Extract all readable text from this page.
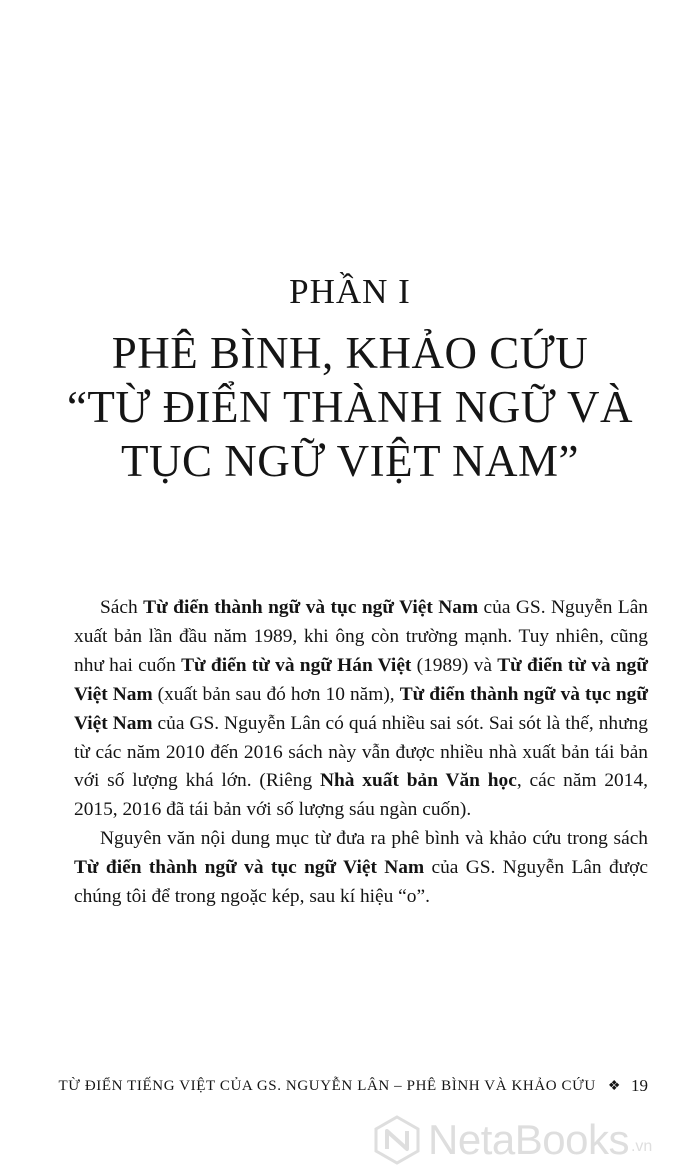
PHẦN I
PHÊ BÌNH, KHẢO CỨU
“TỪ ĐIỂN THÀNH NGỮ VÀ
TỤC NGỮ VIỆT NAM”

Sách Từ điển thành ngữ và tục ngữ Việt Nam của GS. Nguyễn Lân xuất bản lần đầu năm 1989, khi ông còn trường mạnh. Tuy nhiên, cũng như hai cuốn Từ điển từ và ngữ Hán Việt (1989) và Từ điển từ và ngữ Việt Nam (xuất bản sau đó hơn 10 năm), Từ điển thành ngữ và tục ngữ Việt Nam của GS. Nguyễn Lân có quá nhiều sai sót. Sai sót là thế, nhưng từ các năm 2010 đến 2016 sách này vẫn được nhiều nhà xuất bản tái bản với số lượng khá lớn. (Riêng Nhà xuất bản Văn học, các năm 2014, 2015, 2016 đã tái bản với số lượng sáu ngàn cuốn).

Nguyên văn nội dung mục từ đưa ra phê bình và khảo cứu trong sách Từ điển thành ngữ và tục ngữ Việt Nam của GS. Nguyễn Lân được chúng tôi để trong ngoặc kép, sau kí hiệu “o”.

TỪ ĐIỂN TIẾNG VIỆT CỦA GS. NGUYỄN LÂN – PHÊ BÌNH VÀ KHẢO CỨU ❖ 19
NetaBooks .vn
